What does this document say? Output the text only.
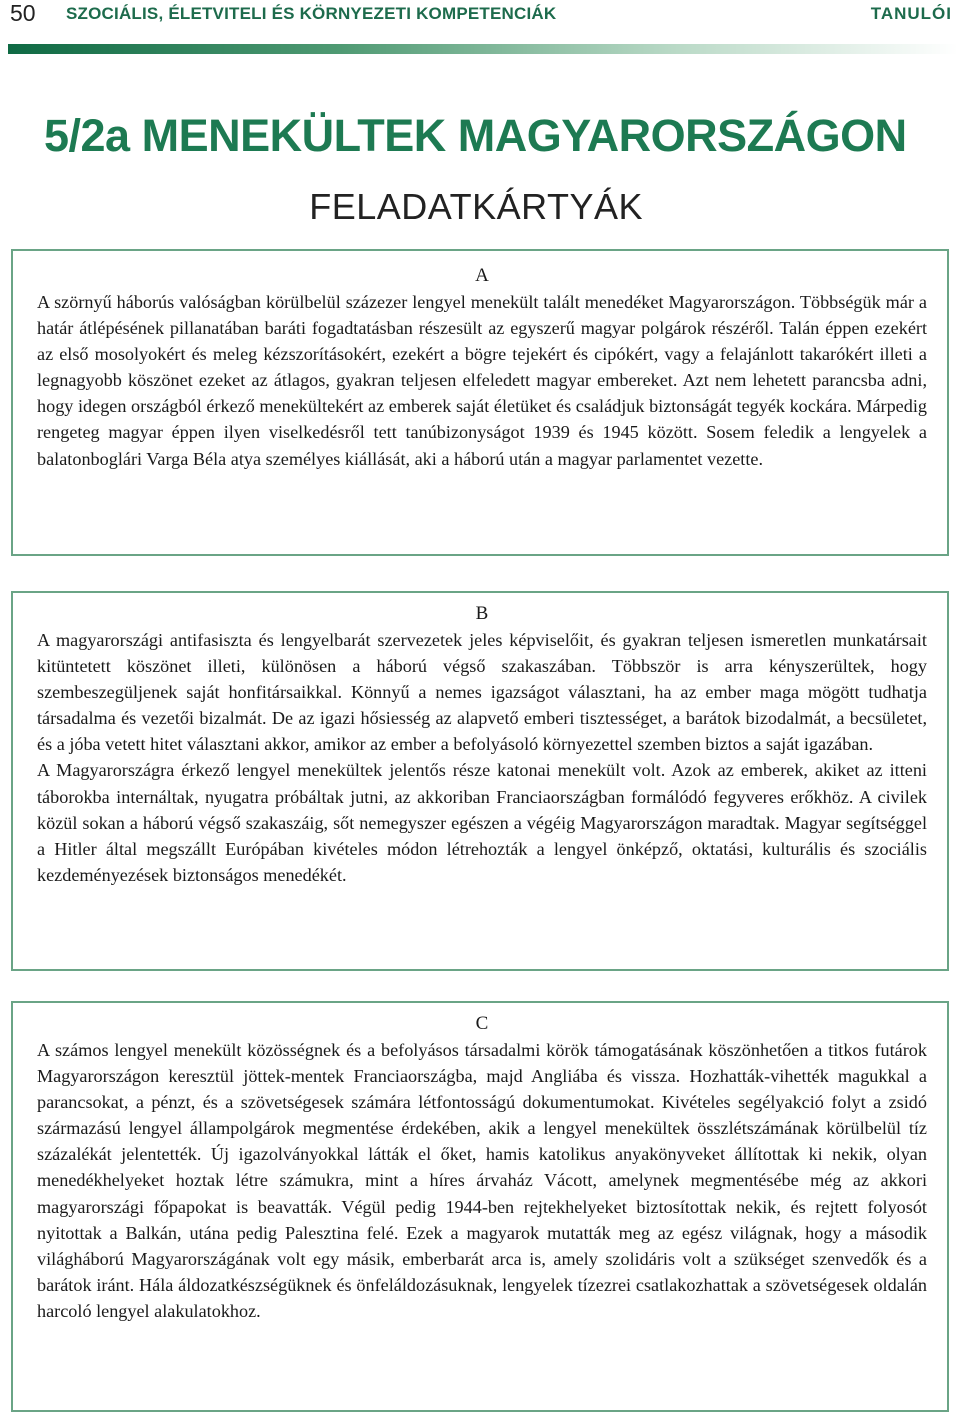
50 SZOCIÁLIS, ÉLETVITELI ÉS KÖRNYEZETI KOMPETENCIÁK	TANULÓI
5/2a MENEKÜLTEK MAGYARORSZÁGON
FELADATKÁRTYÁK

A

A szörnyű háborús valóságban körülbelül százezer lengyel menekült talált menedéket Magyarországon. Többségük már a határ átlépésének pillanatában baráti fogadtatásban részesült az egyszerű magyar polgárok részéről. Talán éppen ezekért az első mosolyokért és meleg kézszorításokért, ezekért a bögre tejekért és cipókért, vagy a felajánlott takarókért illeti a legnagyobb köszönet ezeket az átlagos, gyakran teljesen elfeledett magyar embereket. Azt nem lehetett parancsba adni, hogy idegen országból érkező menekültekért az emberek saját életüket és családjuk biztonságát tegyék kockára. Márpedig rengeteg magyar éppen ilyen viselkedésről tett tanúbizonyságot 1939 és 1945 között. Sosem feledik a lengyelek a balatonboglári Varga Béla atya személyes kiállását, aki a háború után a magyar parlamentet vezette.

B

A magyarországi antifasiszta és lengyelbarát szervezetek jeles képviselőit, és gyakran teljesen ismeretlen munkatársait kitüntetett köszönet illeti, különösen a háború végső szakaszában. Többször is arra kényszerültek, hogy szembeszegüljenek saját honfitársaikkal. Könnyű a nemes igazságot választani, ha az ember maga mögött tudhatja társadalma és vezetői bizalmát. De az igazi hősiesség az alapvető emberi tisztességet, a barátok bizodalmát, a becsületet, és a jóba vetett hitet választani akkor, amikor az ember a befolyásoló környezettel szemben biztos a saját igazában.

A Magyarországra érkező lengyel menekültek jelentős része katonai menekült volt. Azok az emberek, akiket az itteni táborokba internáltak, nyugatra próbáltak jutni, az akkoriban Franciaországban formálódó fegyveres erőkhöz. A civilek közül sokan a háború végső szakaszáig, sőt nemegyszer egészen a végéig Magyarországon maradtak. Magyar segítséggel a Hitler által megszállt Európában kivételes módon létrehozták a lengyel önképző, oktatási, kulturális és szociális kezdeményezések biztonságos menedékét.

C

A számos lengyel menekült közösségnek és a befolyásos társadalmi körök támogatásának köszönhetően a titkos futárok Magyarországon keresztül jöttek-mentek Franciaországba, majd Angliába és vissza. Hozhatták-vihették magukkal a parancsokat, a pénzt, és a szövetségesek számára létfontosságú dokumentumokat. Kivételes segélyakció folyt a zsidó származású lengyel állampolgárok megmentése érdekében, akik a lengyel menekültek összlétszámának körülbelül tíz százalékát jelentették. Új igazolványokkal látták el őket, hamis katolikus anyakönyveket állítottak ki nekik, olyan menedékhelyeket hoztak létre számukra, mint a híres árvaház Vácott, amelynek megmentésébe még az akkori magyarországi főpapokat is beavatták. Végül pedig 1944-ben rejtekhelyeket biztosítottak nekik, és rejtett folyosót nyitottak a Balkán, utána pedig Palesztina felé. Ezek a magyarok mutatták meg az egész világnak, hogy a második világháború Magyarországának volt egy másik, emberbarát arca is, amely szolidáris volt a szükséget szenvedők és a barátok iránt. Hála áldozatkészségüknek és önfeláldozásuknak, lengyelek tízezrei csatlakozhattak a szövetségesek oldalán harcoló lengyel alakulatokhoz.
